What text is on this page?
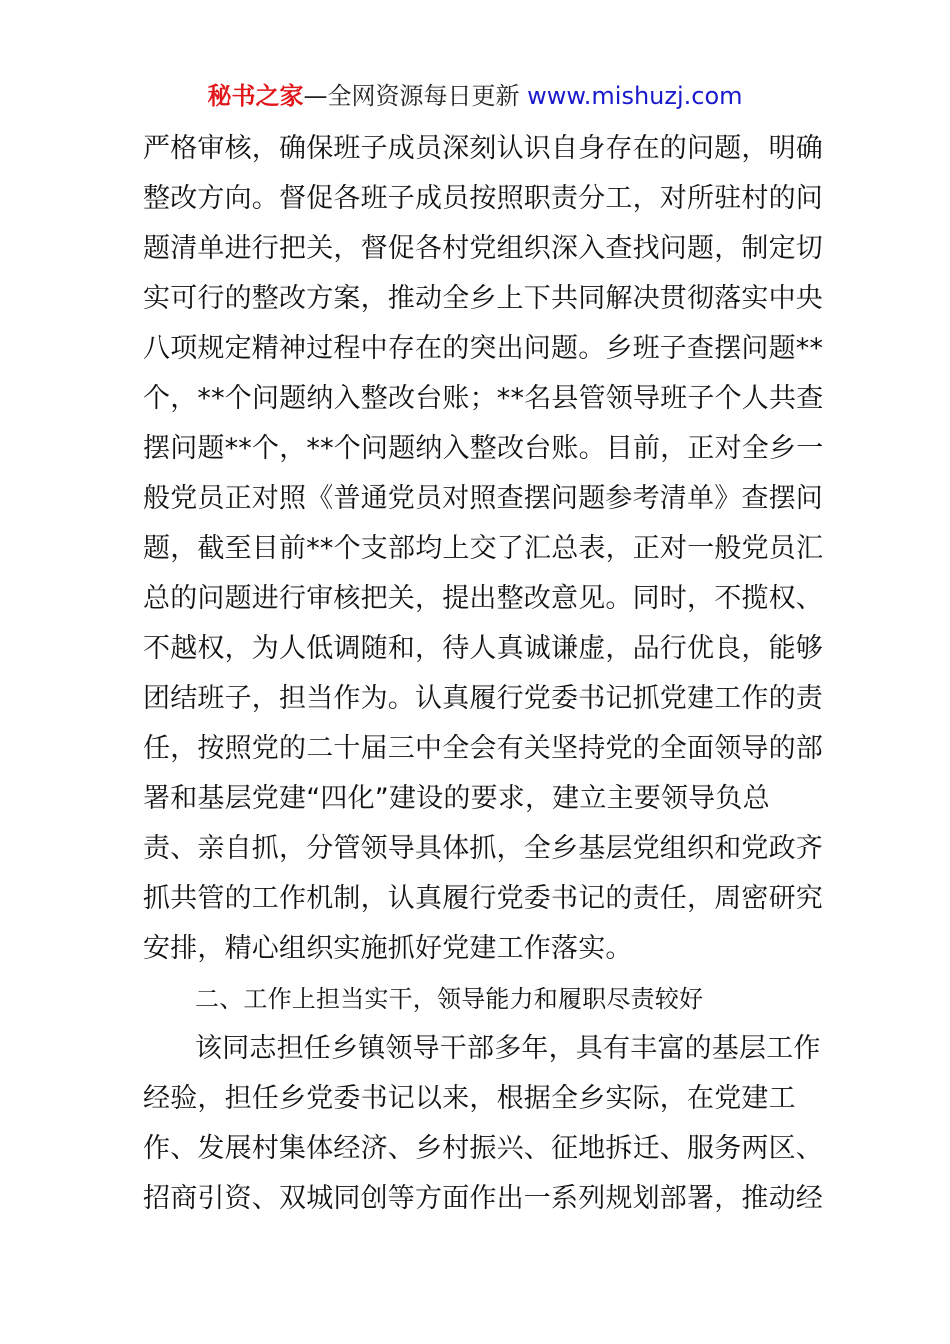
秘书之家—全网资源每日更新 www.mishuzj.com
严格审核，确保班子成员深刻认识自身存在的问题，明确
整改方向。督促各班子成员按照职责分工，对所驻村的问
题清单进行把关，督促各村党组织深入查找问题，制定切
实可行的整改方案，推动全乡上下共同解决贯彻落实中央
八项规定精神过程中存在的突出问题。乡班子查摆问题**
个，**个问题纳入整改台账；**名县管领导班子个人共查
摆问题**个，**个问题纳入整改台账。目前，正对全乡一
般党员正对照《普通党员对照查摆问题参考清单》查摆问
题，截至目前**个支部均上交了汇总表，正对一般党员汇
总的问题进行审核把关，提出整改意见。同时，不揽权、
不越权，为人低调随和，待人真诚谦虚，品行优良，能够
团结班子，担当作为。认真履行党委书记抓党建工作的责
任，按照党的二十届三中全会有关坚持党的全面领导的部
署和基层党建“四化”建设的要求，建立主要领导负总
责、亲自抓，分管领导具体抓，全乡基层党组织和党政齐
抓共管的工作机制，认真履行党委书记的责任，周密研究
安排，精心组织实施抓好党建工作落实。
二、工作上担当实干，领导能力和履职尽责较好
该同志担任乡镇领导干部多年，具有丰富的基层工作
经验，担任乡党委书记以来，根据全乡实际，在党建工
作、发展村集体经济、乡村振兴、征地拆迁、服务两区、
招商引资、双城同创等方面作出一系列规划部署，推动经
